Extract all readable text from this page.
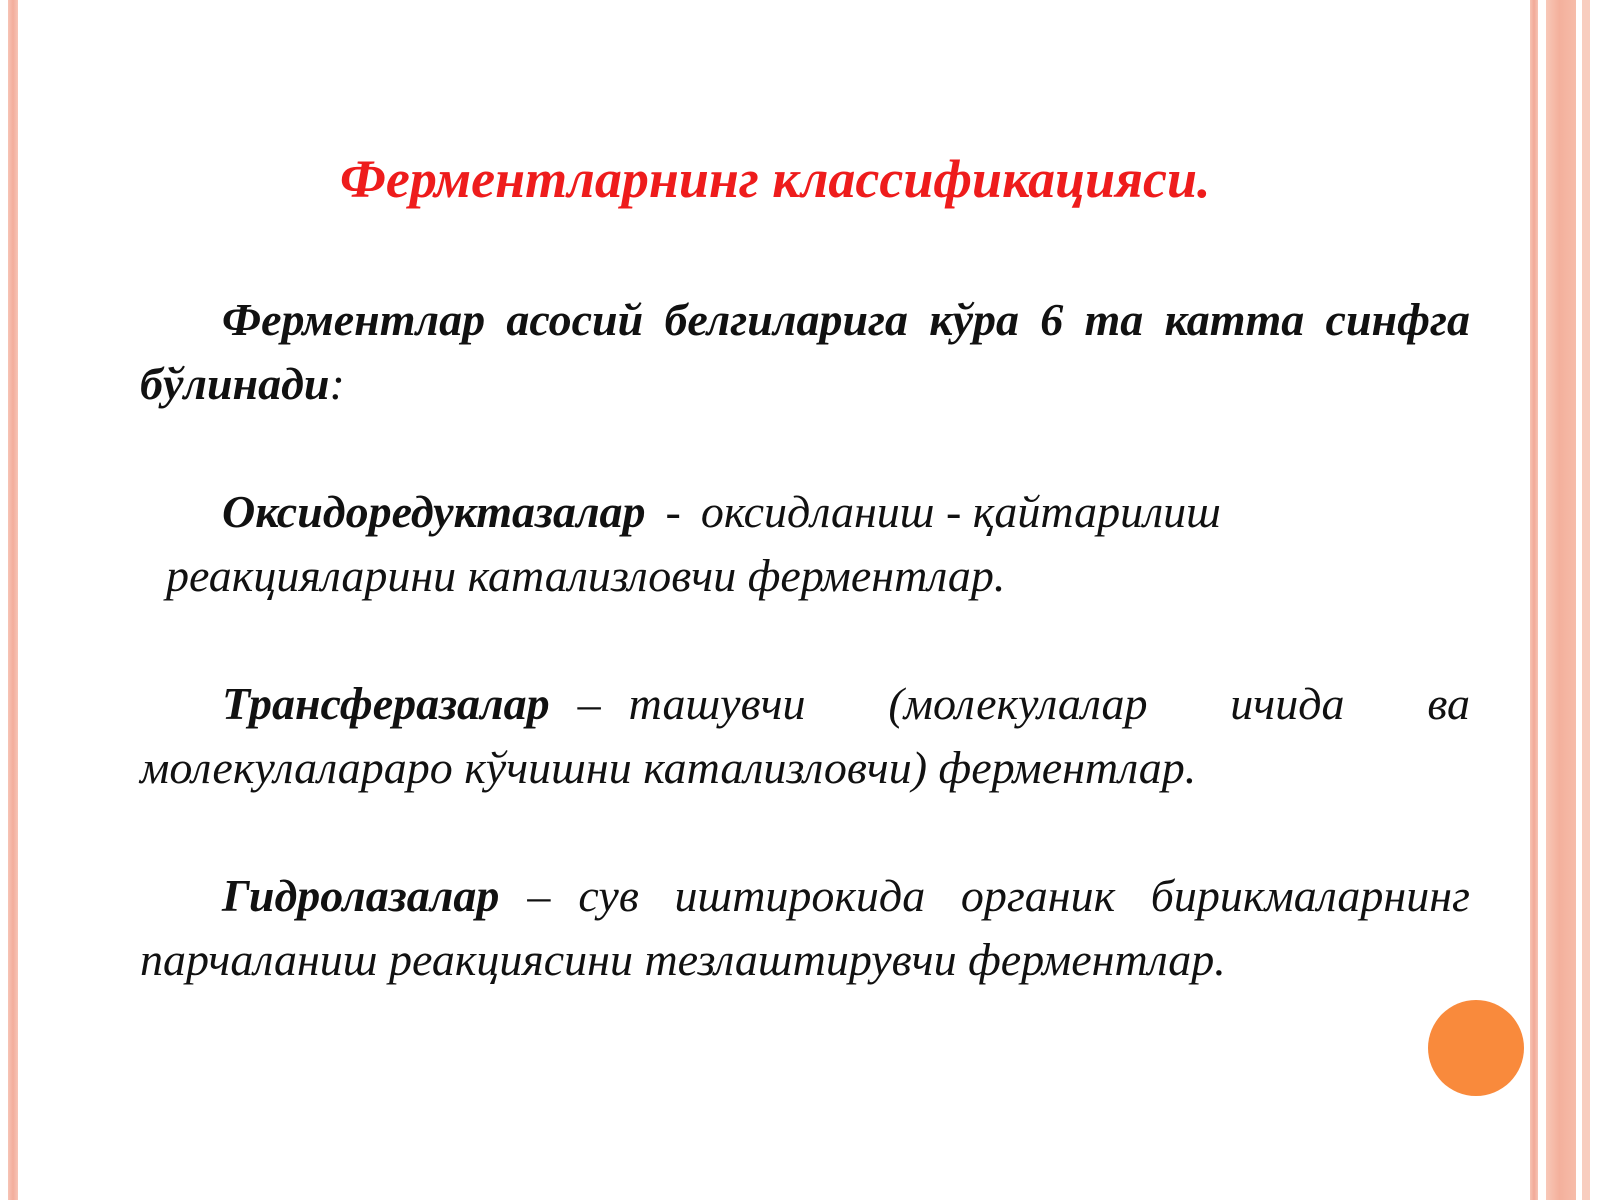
Ферментларнинг классификацияси.

Ферментлар асосий белгиларига кўра 6 та катта синфга бўлинади:

Оксидоредуктазалар - оксидланиш - қайтарилиш
реакцияларини катализловчи ферментлар.

Трансферазалар – ташувчи (молекулалар ичида ва молекулалараро кўчишни катализловчи) ферментлар.

Гидролазалар – сув иштирокида органик бирикмаларнинг парчаланиш реакциясини тезлаштирувчи ферментлар.
